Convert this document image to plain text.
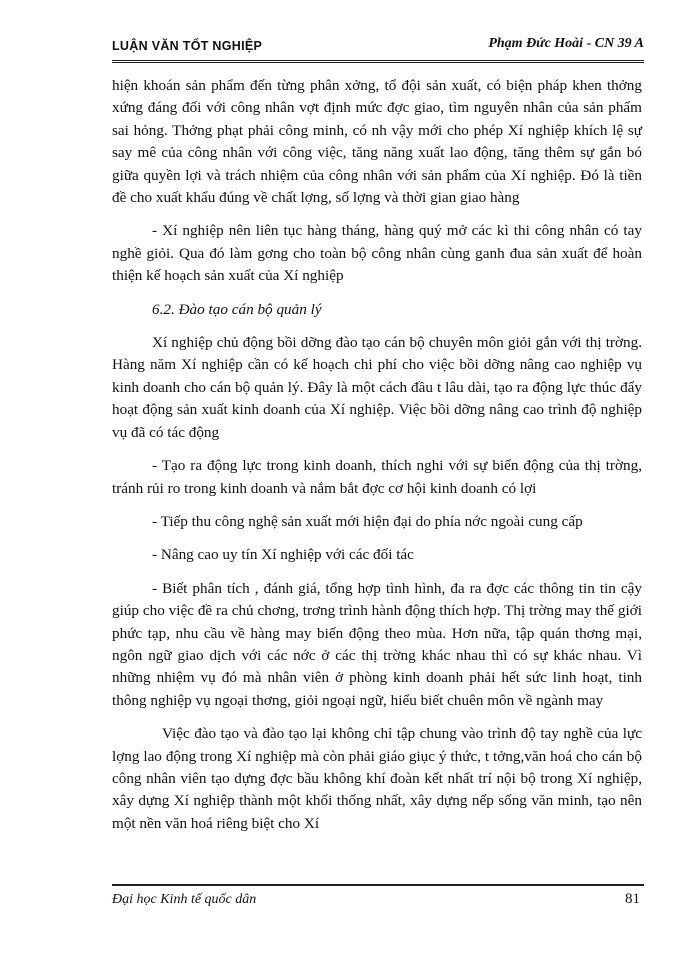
LUẬN VĂN TỐT NGHIỆP	Phạm Đức Hoài - CN 39 A

hiện khoán sản phẩm đến từng phân xởng, tổ đội sản xuất, có biện pháp khen thởng xứng đáng đối với công nhân vợt định mức đợc giao, tìm nguyên nhân của sản phẩm sai hỏng. Thởng phạt phải công minh, có nh vậy mới cho phép Xí nghiệp khích lệ sự say mê của công nhân với công việc, tăng năng xuất lao động, tăng thêm sự gắn bó giữa quyền lợi và trách nhiệm của công nhân với sản phẩm của Xí nghiệp. Đó là tiền đề cho xuất khẩu đúng về chất lợng, số lợng và thời gian giao hàng

- Xí nghiệp nên liên tục hàng tháng, hàng quý mở các kì thi công nhân có tay nghề giỏi. Qua đó làm gơng cho toàn bộ công nhân cùng ganh đua sản xuất để hoàn thiện kế hoạch sản xuất của Xí nghiệp

6.2. Đào tạo cán bộ quản lý

Xí nghiệp chủ động bồi dỡng đào tạo cán bộ chuyên môn giỏi gắn với thị trờng. Hàng năm Xí nghiệp cần có kế hoạch chi phí cho việc bồi dỡng nâng cao nghiệp vụ kinh doanh cho cán bộ quản lý. Đây là một cách đầu t lâu dài, tạo ra động lực thúc đẩy hoạt động sản xuất kinh doanh của Xí nghiệp. Việc bồi dỡng nâng cao trình độ nghiệp vụ đã có tác động

- Tạo ra động lực trong kinh doanh, thích nghi với sự biến động của thị trờng, tránh rủi ro trong kinh doanh và nắm bắt đợc cơ hội kinh doanh có lợi

- Tiếp thu công nghệ sản xuất mới hiện đại do phía nớc ngoài cung cấp

- Nâng cao uy tín Xí nghiệp với các đối tác

- Biết phân tích , đánh giá, tổng hợp tình hình, đa ra đợc các thông tin tin cậy giúp cho việc đề ra chủ chơng, trơng trình hành động thích hợp. Thị trờng may thế giới phức tạp, nhu cầu về hàng may biến động theo mùa. Hơn nữa, tập quán thơng mại, ngôn ngữ giao dịch với các nớc ở các thị trờng khác nhau thì có sự khác nhau. Vì những nhiệm vụ đó mà nhân viên ở phòng kinh doanh phải hết sức linh hoạt, tinh thông nghiệp vụ ngoại thơng, giỏi ngoại ngữ, hiểu biết chuên môn về ngành may

Việc đào tạo và đào tạo lại không chỉ tập chung vào trình độ tay nghề của lực lợng lao động trong Xí nghiệp mà còn phải giáo giục ý thức, t tởng,văn hoá cho cán bộ công nhân viên tạo dựng đợc bầu không khí đoàn kết nhất trí nội bộ trong Xí nghiệp, xây dựng Xí nghiệp thành một khối thống nhất, xây dựng nếp sống văn minh, tạo nên một nền văn hoá riêng biệt cho Xí

Đại học Kinh tế quốc dân	81
